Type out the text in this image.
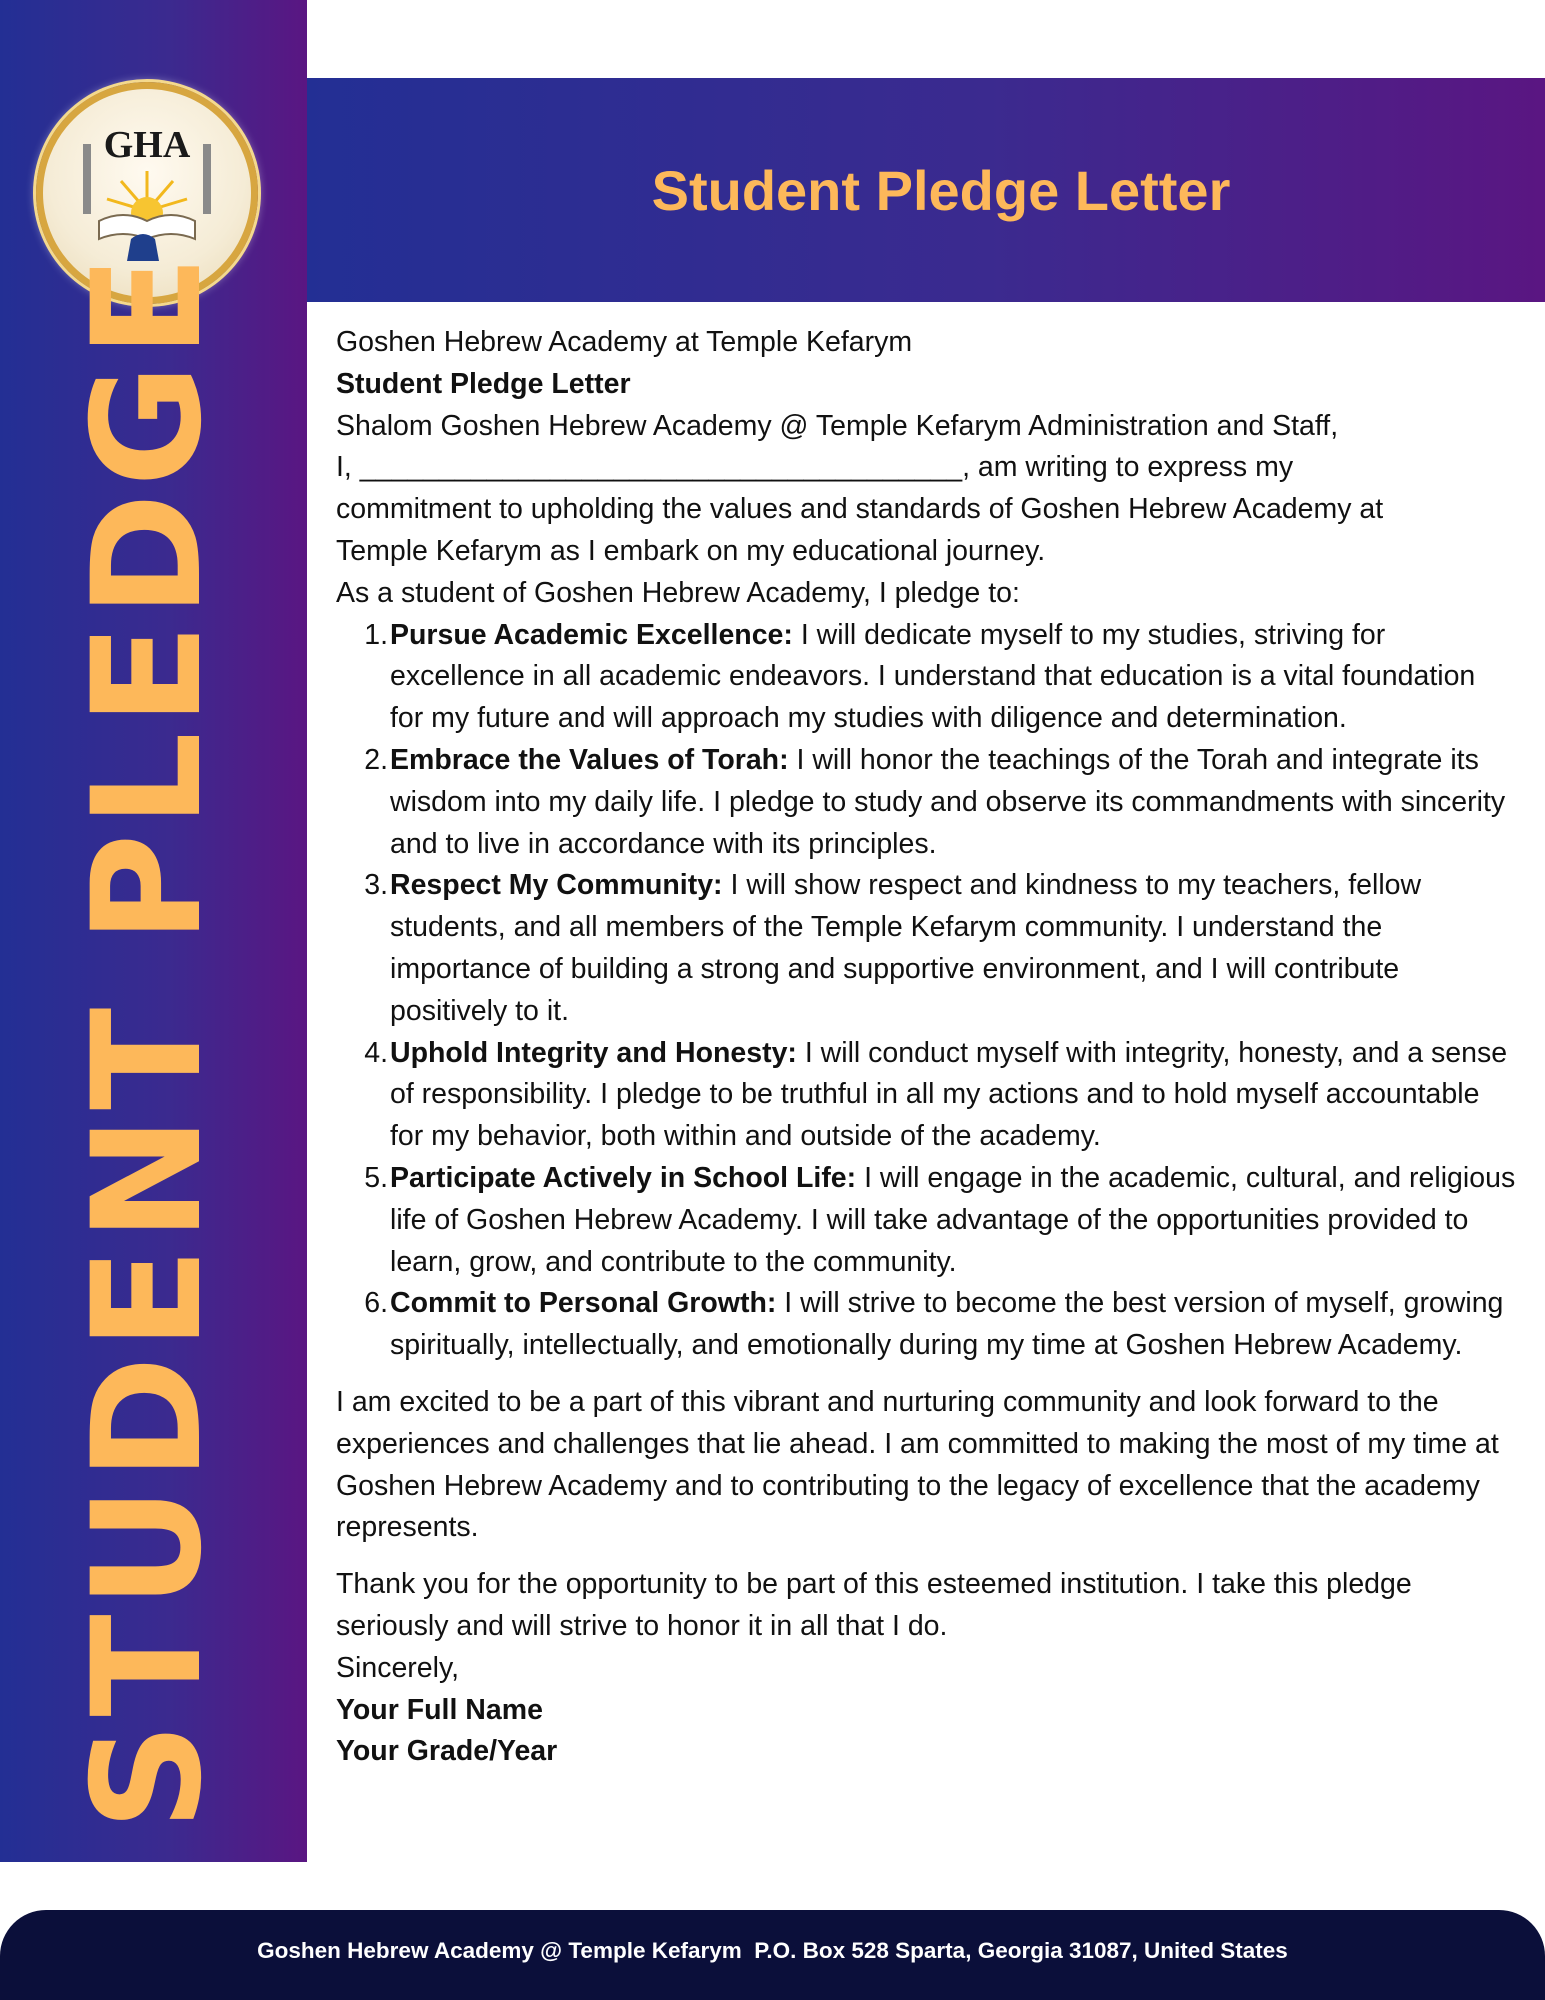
GHA
STUDENT PLEDGE
Student Pledge Letter

Goshen Hebrew Academy at Temple Kefarym

Student Pledge Letter

Shalom Goshen Hebrew Academy @ Temple Kefarym Administration and Staff,

I, ______________________________________, am writing to express my

commitment to upholding the values and standards of Goshen Hebrew Academy at

Temple Kefarym as I embark on my educational journey.

As a student of Goshen Hebrew Academy, I pledge to:

1. Pursue Academic Excellence: I will dedicate myself to my studies, striving for excellence in all academic endeavors. I understand that education is a vital foundation for my future and will approach my studies with diligence and determination.
2. Embrace the Values of Torah: I will honor the teachings of the Torah and integrate its wisdom into my daily life. I pledge to study and observe its commandments with sincerity and to live in accordance with its principles.
3. Respect My Community: I will show respect and kindness to my teachers, fellow students, and all members of the Temple Kefarym community. I understand the importance of building a strong and supportive environment, and I will contribute positively to it.
4. Uphold Integrity and Honesty: I will conduct myself with integrity, honesty, and a sense of responsibility. I pledge to be truthful in all my actions and to hold myself accountable for my behavior, both within and outside of the academy.
5. Participate Actively in School Life: I will engage in the academic, cultural, and religious life of Goshen Hebrew Academy. I will take advantage of the opportunities provided to learn, grow, and contribute to the community.
6. Commit to Personal Growth: I will strive to become the best version of myself, growing spiritually, intellectually, and emotionally during my time at Goshen Hebrew Academy.

I am excited to be a part of this vibrant and nurturing community and look forward to the experiences and challenges that lie ahead. I am committed to making the most of my time at Goshen Hebrew Academy and to contributing to the legacy of excellence that the academy represents.

Thank you for the opportunity to be part of this esteemed institution. I take this pledge

seriously and will strive to honor it in all that I do.

Sincerely,

Your Full Name

Your Grade/Year

Goshen Hebrew Academy @ Temple Kefarym  P.O. Box 528 Sparta, Georgia 31087, United States
